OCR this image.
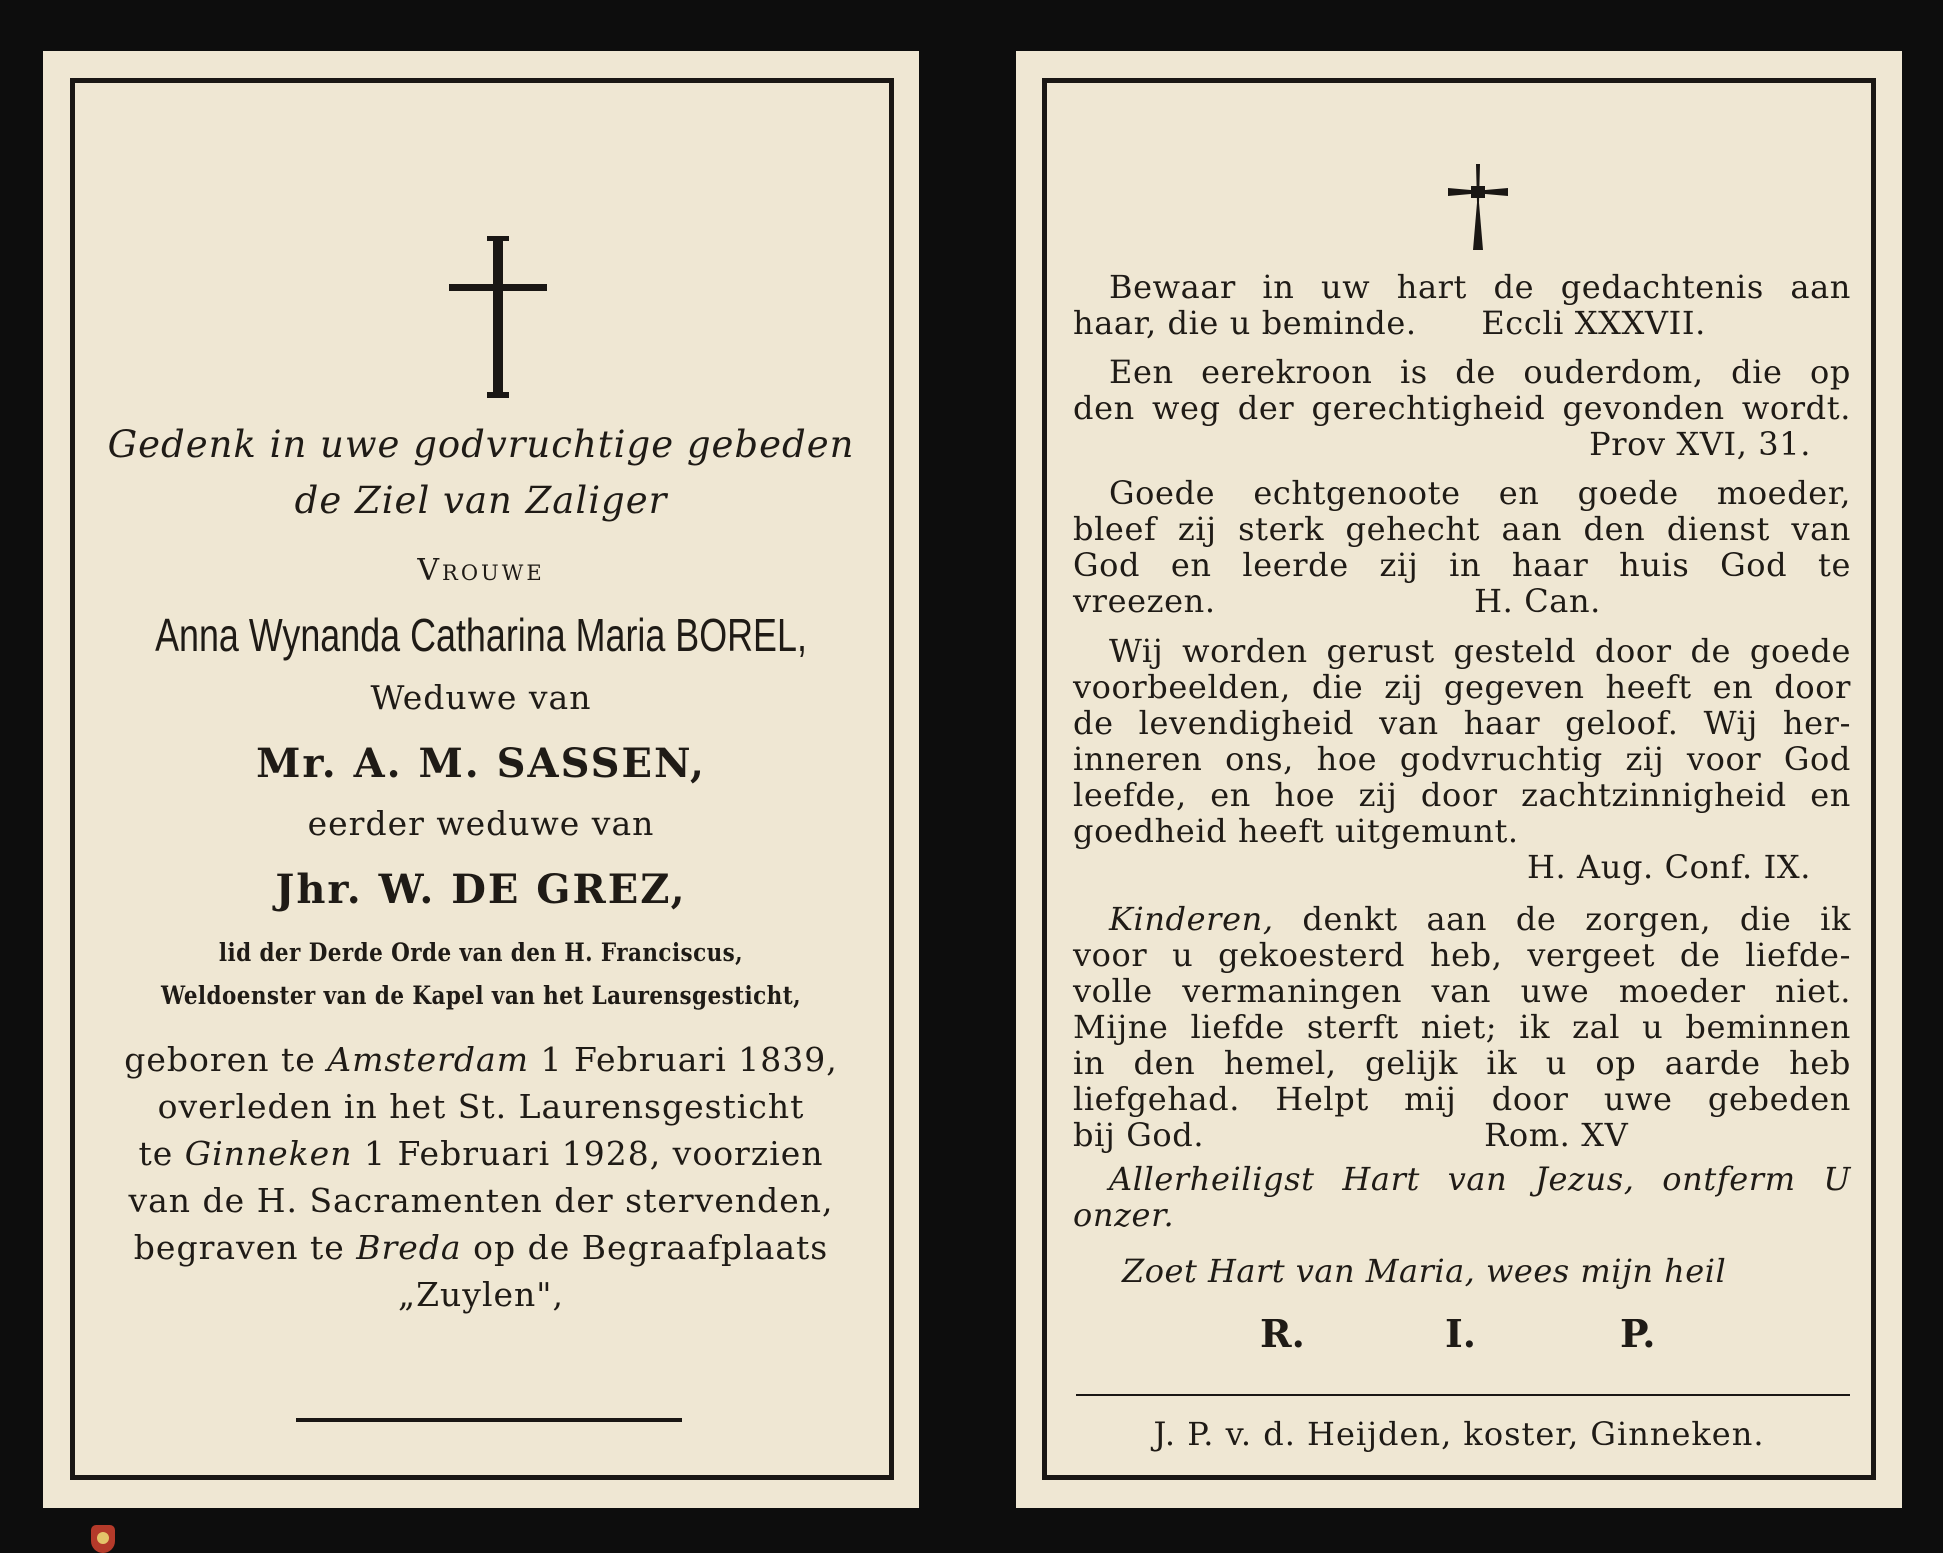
Gedenk in uwe godvruchtige gebeden
de Ziel van Zaliger
Vrouwe
Anna Wynanda Catharina Maria BOREL,
Weduwe van
Mr. A. M. SASSEN,
eerder weduwe van
Jhr. W. DE GREZ,
lid der Derde Orde van den H. Franciscus,
Weldoenster van de Kapel van het Laurensgesticht,
geboren te Amsterdam 1 Februari 1839,
overleden in het St. Laurensgesticht
te Ginneken 1 Februari 1928, voorzien
van de H. Sacramenten der stervenden,
begraven te Breda op de Begraafplaats
„Zuylen",
Bewaar in uw hart de gedachtenis aan
haar, die u beminde.      Eccli XXXVII.
Een eerekroon is de ouderdom, die op
den weg der gerechtigheid gevonden wordt.
Prov XVI, 31.
Goede echtgenoote en goede moeder,
bleef zij sterk gehecht aan den dienst van
God en leerde zij in haar huis God te
vreezen.                        H. Can.
Wij worden gerust gesteld door de goede
voorbeelden, die zij gegeven heeft en door
de levendigheid van haar geloof. Wij her-
inneren ons, hoe godvruchtig zij voor God
leefde, en hoe zij door zachtzinnigheid en
goedheid heeft uitgemunt.
H. Aug. Conf. IX.
Kinderen, denkt aan de zorgen, die ik
voor u gekoesterd heb, vergeet de liefde-
volle vermaningen van uwe moeder niet.
Mijne liefde sterft niet; ik zal u beminnen
in den hemel, gelijk ik u op aarde heb
liefgehad. Helpt mij door uwe gebeden
bij God.                          Rom. XV
Allerheiligst Hart van Jezus, ontferm U
onzer.
Zoet Hart van Maria, wees mijn heil
R.	I.	P.
J. P. v. d. Heijden, koster, Ginneken.
